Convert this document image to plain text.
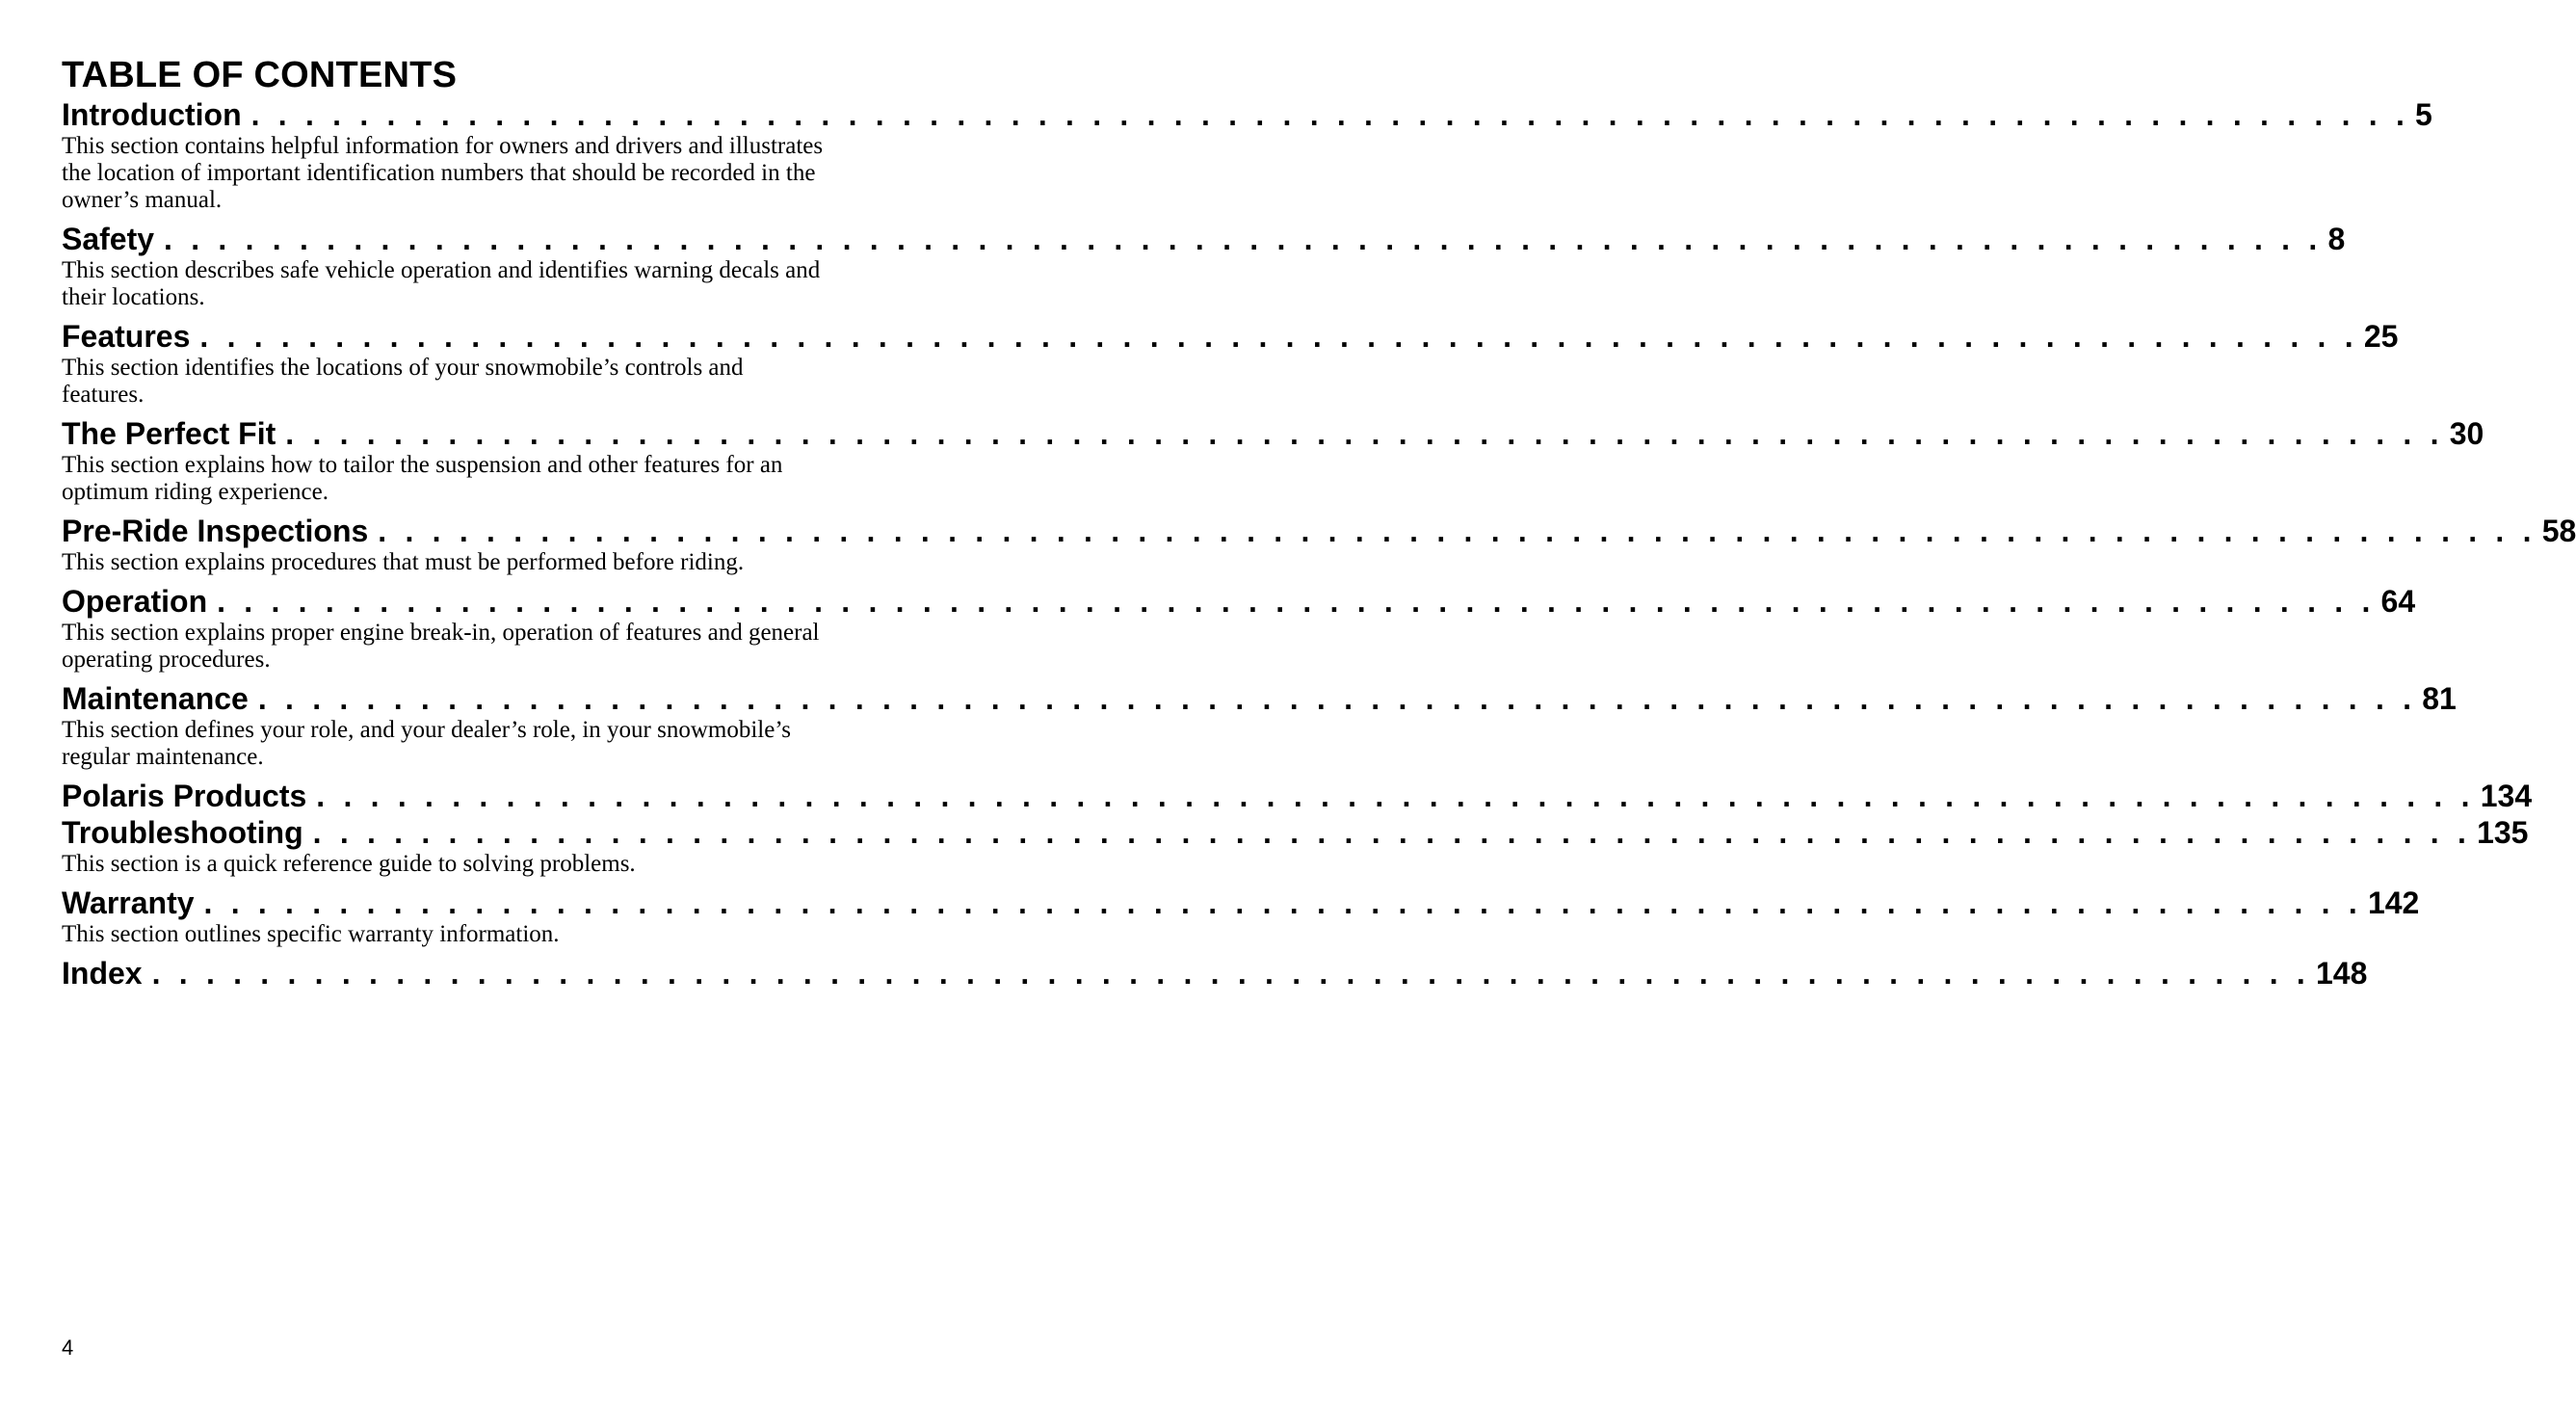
TABLE OF CONTENTS
Introduction . . . . . . . . . . . . . . . . . . . . . . . . . . . . . . . . . . . . . . . . . . . . . . . . . . . . . . . . . . . . . . . . . . . . . . . . . . . . . . . . 5

This section contains helpful information for owners and drivers and illustrates the location of important identification numbers that should be recorded in the owner’s manual.

Safety . . . . . . . . . . . . . . . . . . . . . . . . . . . . . . . . . . . . . . . . . . . . . . . . . . . . . . . . . . . . . . . . . . . . . . . . . . . . . . . . 8

This section describes safe vehicle operation and identifies warning decals and their locations.

Features . . . . . . . . . . . . . . . . . . . . . . . . . . . . . . . . . . . . . . . . . . . . . . . . . . . . . . . . . . . . . . . . . . . . . . . . . . . . . . . . 25

This section identifies the locations of your snowmobile’s controls and features.

The Perfect Fit . . . . . . . . . . . . . . . . . . . . . . . . . . . . . . . . . . . . . . . . . . . . . . . . . . . . . . . . . . . . . . . . . . . . . . . . . . . . . . . . 30

This section explains how to tailor the suspension and other features for an optimum riding experience.

Pre-Ride Inspections . . . . . . . . . . . . . . . . . . . . . . . . . . . . . . . . . . . . . . . . . . . . . . . . . . . . . . . . . . . . . . . . . . . . . . . . . . . . . . . . 58

This section explains procedures that must be performed before riding.

Operation . . . . . . . . . . . . . . . . . . . . . . . . . . . . . . . . . . . . . . . . . . . . . . . . . . . . . . . . . . . . . . . . . . . . . . . . . . . . . . . . 64

This section explains proper engine break-in, operation of features and general operating procedures.

Maintenance . . . . . . . . . . . . . . . . . . . . . . . . . . . . . . . . . . . . . . . . . . . . . . . . . . . . . . . . . . . . . . . . . . . . . . . . . . . . . . . . 81

This section defines your role, and your dealer’s role, in your snowmobile’s regular maintenance.

Polaris Products . . . . . . . . . . . . . . . . . . . . . . . . . . . . . . . . . . . . . . . . . . . . . . . . . . . . . . . . . . . . . . . . . . . . . . . . . . . . . . . . 134
Troubleshooting . . . . . . . . . . . . . . . . . . . . . . . . . . . . . . . . . . . . . . . . . . . . . . . . . . . . . . . . . . . . . . . . . . . . . . . . . . . . . . . . 135

This section is a quick reference guide to solving problems.

Warranty . . . . . . . . . . . . . . . . . . . . . . . . . . . . . . . . . . . . . . . . . . . . . . . . . . . . . . . . . . . . . . . . . . . . . . . . . . . . . . . . 142

This section outlines specific warranty information.

Index . . . . . . . . . . . . . . . . . . . . . . . . . . . . . . . . . . . . . . . . . . . . . . . . . . . . . . . . . . . . . . . . . . . . . . . . . . . . . . . . 148
4
